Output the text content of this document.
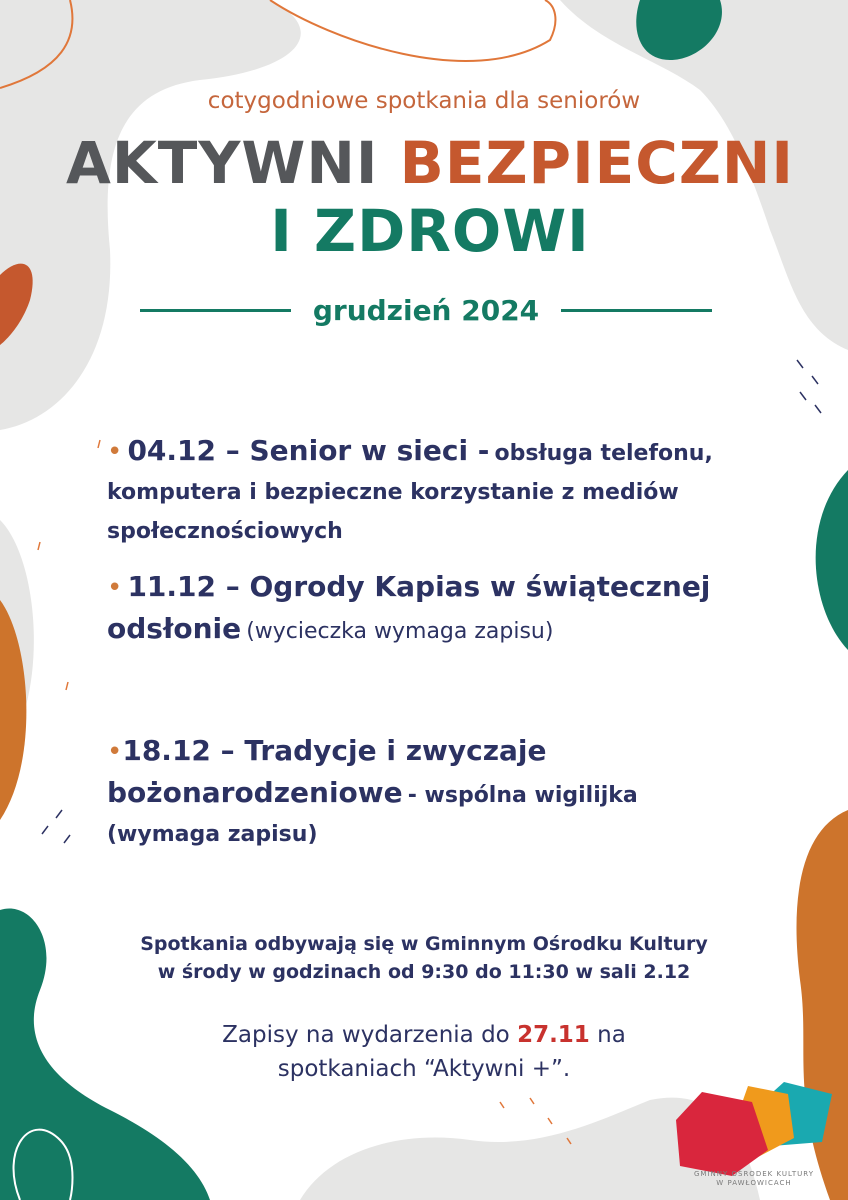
cotygodniowe spotkania dla seniorów
AKTYWNI BEZPIECZNI
I ZDROWI
grudzień 2024
• 04.12 – Senior w sieci - obsługa telefonu,
komputera i bezpieczne korzystanie z mediów społecznościowych
• 11.12 – Ogrody Kapias w świątecznej odsłonie (wycieczka wymaga zapisu)
•18.12 – Tradycje i zwyczaje bożonarodzeniowe - wspólna wigilijka (wymaga zapisu)
Spotkania odbywają się w Gminnym Ośrodku Kultury
w środy w godzinach od 9:30 do 11:30 w sali 2.12
Zapisy na wydarzenia do 27.11 na
spotkaniach “Aktywni +”.
GMINNY OŚRODEK KULTURY
W PAWŁOWICACH
